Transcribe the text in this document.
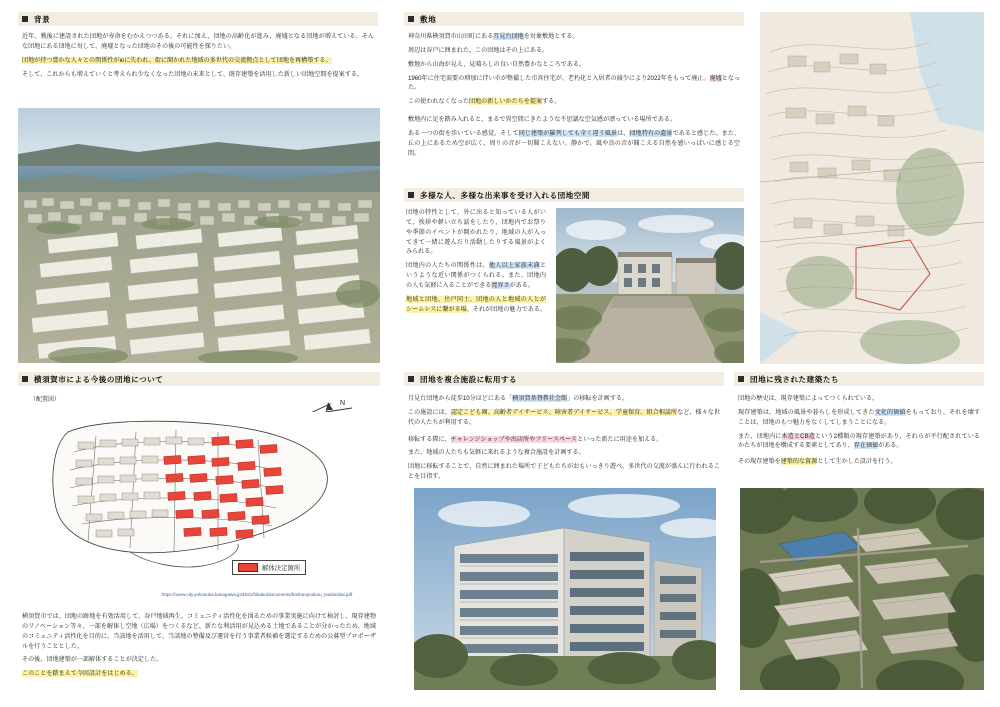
背景

近年、戦後に建設された団地が寿命をむかえつつある。それに加え、団地の高齢化が進み、廃墟となる団地が増えている。そんな団地にある団地に対して、廃墟となった団地のその後の可能性を探りたい。

団地が持つ豊かな人々との関係性がюに失われ、街に開かれた地域の多世代の交流拠点として団地を再構築する。

そして、これからも増えていくと考えられ少なくなった団地の未来として、既存建築を活用した新しい団地空間を提案する。

敷地

神奈川県横須賀市山田町にある月見台団地を対象敷地とする。

周辺は谷戸に囲まれた、この団地はその上にある。

敷地から山海が見え、見晴らしの良い自然豊かなところである。

1960年に住宅需要の増加に伴い市が整備した市営住宅が、老朽化と入居者の減少により2022年をもって廃止。廃墟となった。

この使われなくなった団地の新しいかたちを提案する。

敷地内に足を踏み入れると、まるで異空間にきたような不思議な空気感が漂っている場所である。

ある一つの街を歩いている感覚、そして同じ建築が羅列しても全く違う風景は、団地特有の遺景であると感じた。また、丘の上にあるため空が広く、周りの音が一切聞こえない。静かで、風や鳥の音が聞こえる自然を感いっぱいに感じる空間。

多様な人、多様な出来事を受け入れる団地空間

団地の特性として、外に出ると知っている人がいて、挨拶や軽い立ち話をしたり、団地内でお祭りや季節のイベントが開かれたり、地域の人が入ってきて一緒に遊んだり活動したりする風景がよくみられる。

団地内の人たちの関係性は、他人以上家族未満というような近い関係がつくられる。また、団地内の人も気軽に入ることができる寛容さがある。

地域と団地、住戸同士、団地の人と地域の人とがシームレスに繋がる場、それが団地の魅力である。

横須賀市による今後の団地について
（配置図）	N
解体決定箇所
https://www.city.yokosuka.kanagawa.jp/4821/hikaku/documents/boshuuyoukou_tsukimidai.pdf

横須賀市では、団地の跡地を有効活用して、谷戸地域再生、コミュニティ活性化を図るための事業実施に向けて検討し、現存建物のリノベーション等々、一部を解体し空地（広場）をつくるなど、新たな利活用が見込める土地であることが分かったため、地域のコミュニティ活性化を目的に、当該地を活用して、当該地の整備及び運営を行う事業者候補を選定するための公募型プロポーザルを行うこととした。

その後、団地建築が一部解体することが決定した。

このことを踏まえて今回設計をはじめる。

団地を複合施設に転用する

月見台団地から徒歩10分ほどにある「横須賀基督教社会館」の移転を計画する。

この施設には、認定こども園、高齢者デイサービス、障害者デイサービス、学童保育、組合相談所など、様々な世代の人たちが利用する。

移転する際に、チャレンジショップや出店所やフリースペースといった新たに用途を加える。

また、地域の人たちも気軽に来れるような複合施設を計画する。

団地に移転することで、自然に囲まれた場所で子どもたちがおもいっきり遊べ、多世代の交流が盛んに行われることを目指す。

団地に残された建築たち

団地の歴史は、現存建築によってつくられている。

現存建築は、地域の風景や暮らしを形成してきた文化的価値をもっており、それを壊すことは、団地のもつ魅力をなくしてしまうことになる。

また、団地内に木造とCB造という2種類の現存建築があり、それらが平行配されているかたちが団地を構成する要素としてあり、存在価値がある。

その現存建築を建築的な資源として生かした設計を行う。
